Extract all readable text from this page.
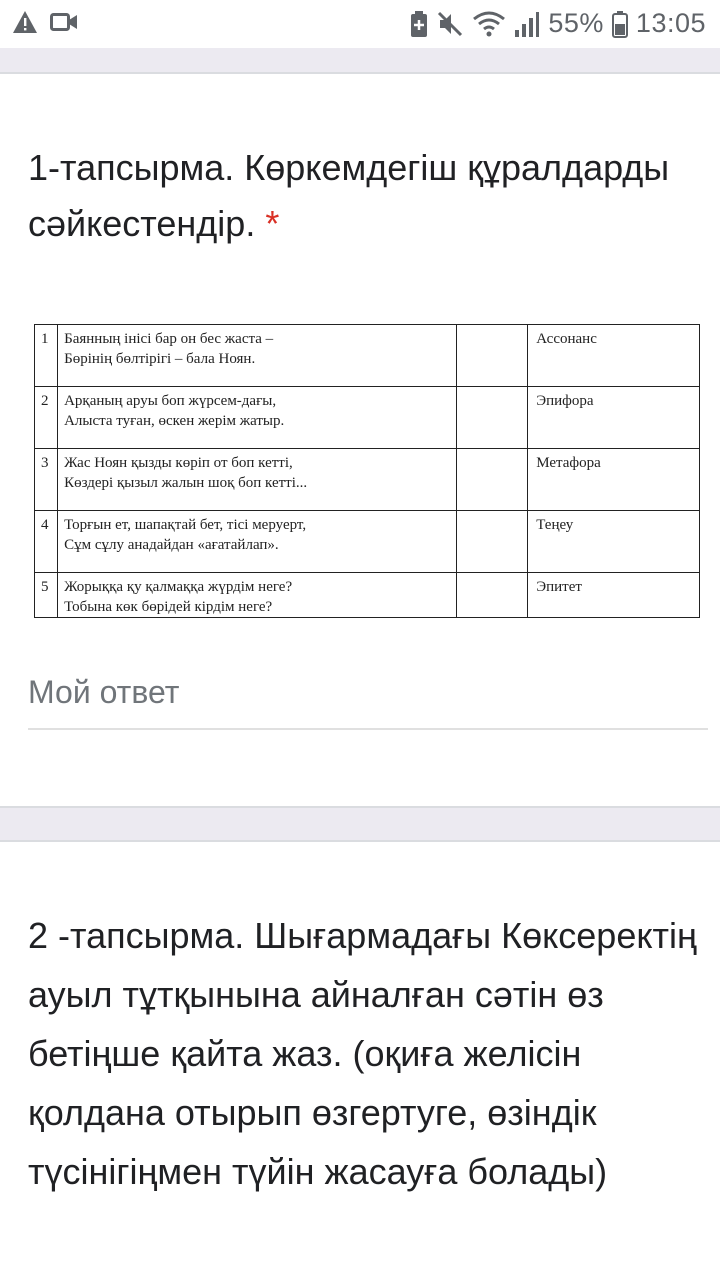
55% 13:05
1-тапсырма. Көркемдегіш құралдарды сәйкестендір. *
1	Баянның інісі бар он бес жаста –
Бөрінің бөлтірігі – бала Ноян.		Ассонанс
2	Арқаның аруы боп жүрсем-дағы,
Алыста туған, өскен жерім жатыр.		Эпифора
3	Жас Ноян қызды көріп от боп кетті,
Көздері қызыл жалын шоқ боп кетті...		Метафора
4	Торғын ет, шапақтай бет, тісі меруерт,
Сұм сұлу анадайдан «ағатайлап».		Теңеу
5	Жорыққа қу қалмаққа жүрдім неге?
Тобына көк бөрідей кірдім неге?		Эпитет
Мой ответ
2 -тапсырма. Шығармадағы Көксеректің ауыл тұтқынына айналған сәтін өз бетіңше қайта жаз. (оқиға желісін қолдана отырып өзгертуге, өзіндік түсінігіңмен түйін жасауға болады)
